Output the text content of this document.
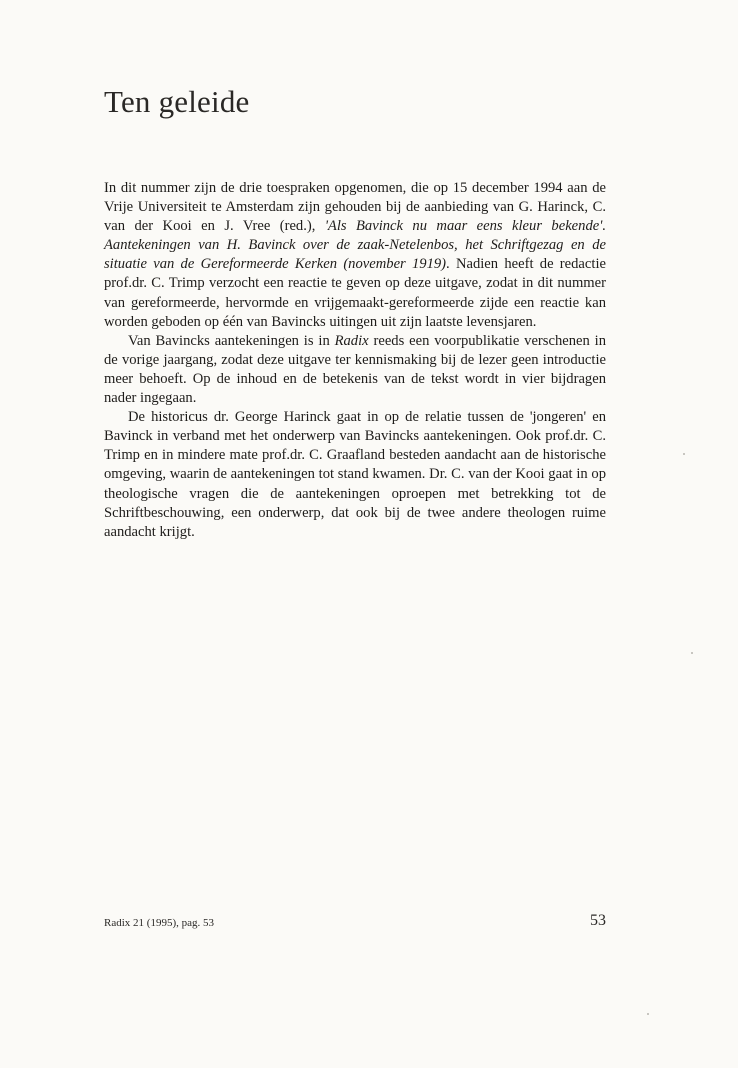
Ten geleide

In dit nummer zijn de drie toespraken opgenomen, die op 15 december 1994 aan de Vrije Universiteit te Amsterdam zijn gehouden bij de aanbieding van G. Harinck, C. van der Kooi en J. Vree (red.), 'Als Bavinck nu maar eens kleur bekende'. Aantekeningen van H. Bavinck over de zaak-Netelenbos, het Schriftgezag en de situatie van de Gereformeerde Kerken (november 1919). Nadien heeft de redactie prof.dr. C. Trimp verzocht een reactie te geven op deze uitgave, zodat in dit nummer van gereformeerde, hervormde en vrijgemaakt-gereformeerde zijde een reactie kan worden geboden op één van Bavincks uitingen uit zijn laatste levensjaren.

Van Bavincks aantekeningen is in Radix reeds een voorpublikatie verschenen in de vorige jaargang, zodat deze uitgave ter kennismaking bij de lezer geen introductie meer behoeft. Op de inhoud en de betekenis van de tekst wordt in vier bijdragen nader ingegaan.

De historicus dr. George Harinck gaat in op de relatie tussen de 'jongeren' en Bavinck in verband met het onderwerp van Bavincks aantekeningen. Ook prof.dr. C. Trimp en in mindere mate prof.dr. C. Graafland besteden aandacht aan de historische omgeving, waarin de aantekeningen tot stand kwamen. Dr. C. van der Kooi gaat in op theologische vragen die de aantekeningen oproepen met betrekking tot de Schriftbeschouwing, een onderwerp, dat ook bij de twee andere theologen ruime aandacht krijgt.

Radix 21 (1995), pag. 53	53
